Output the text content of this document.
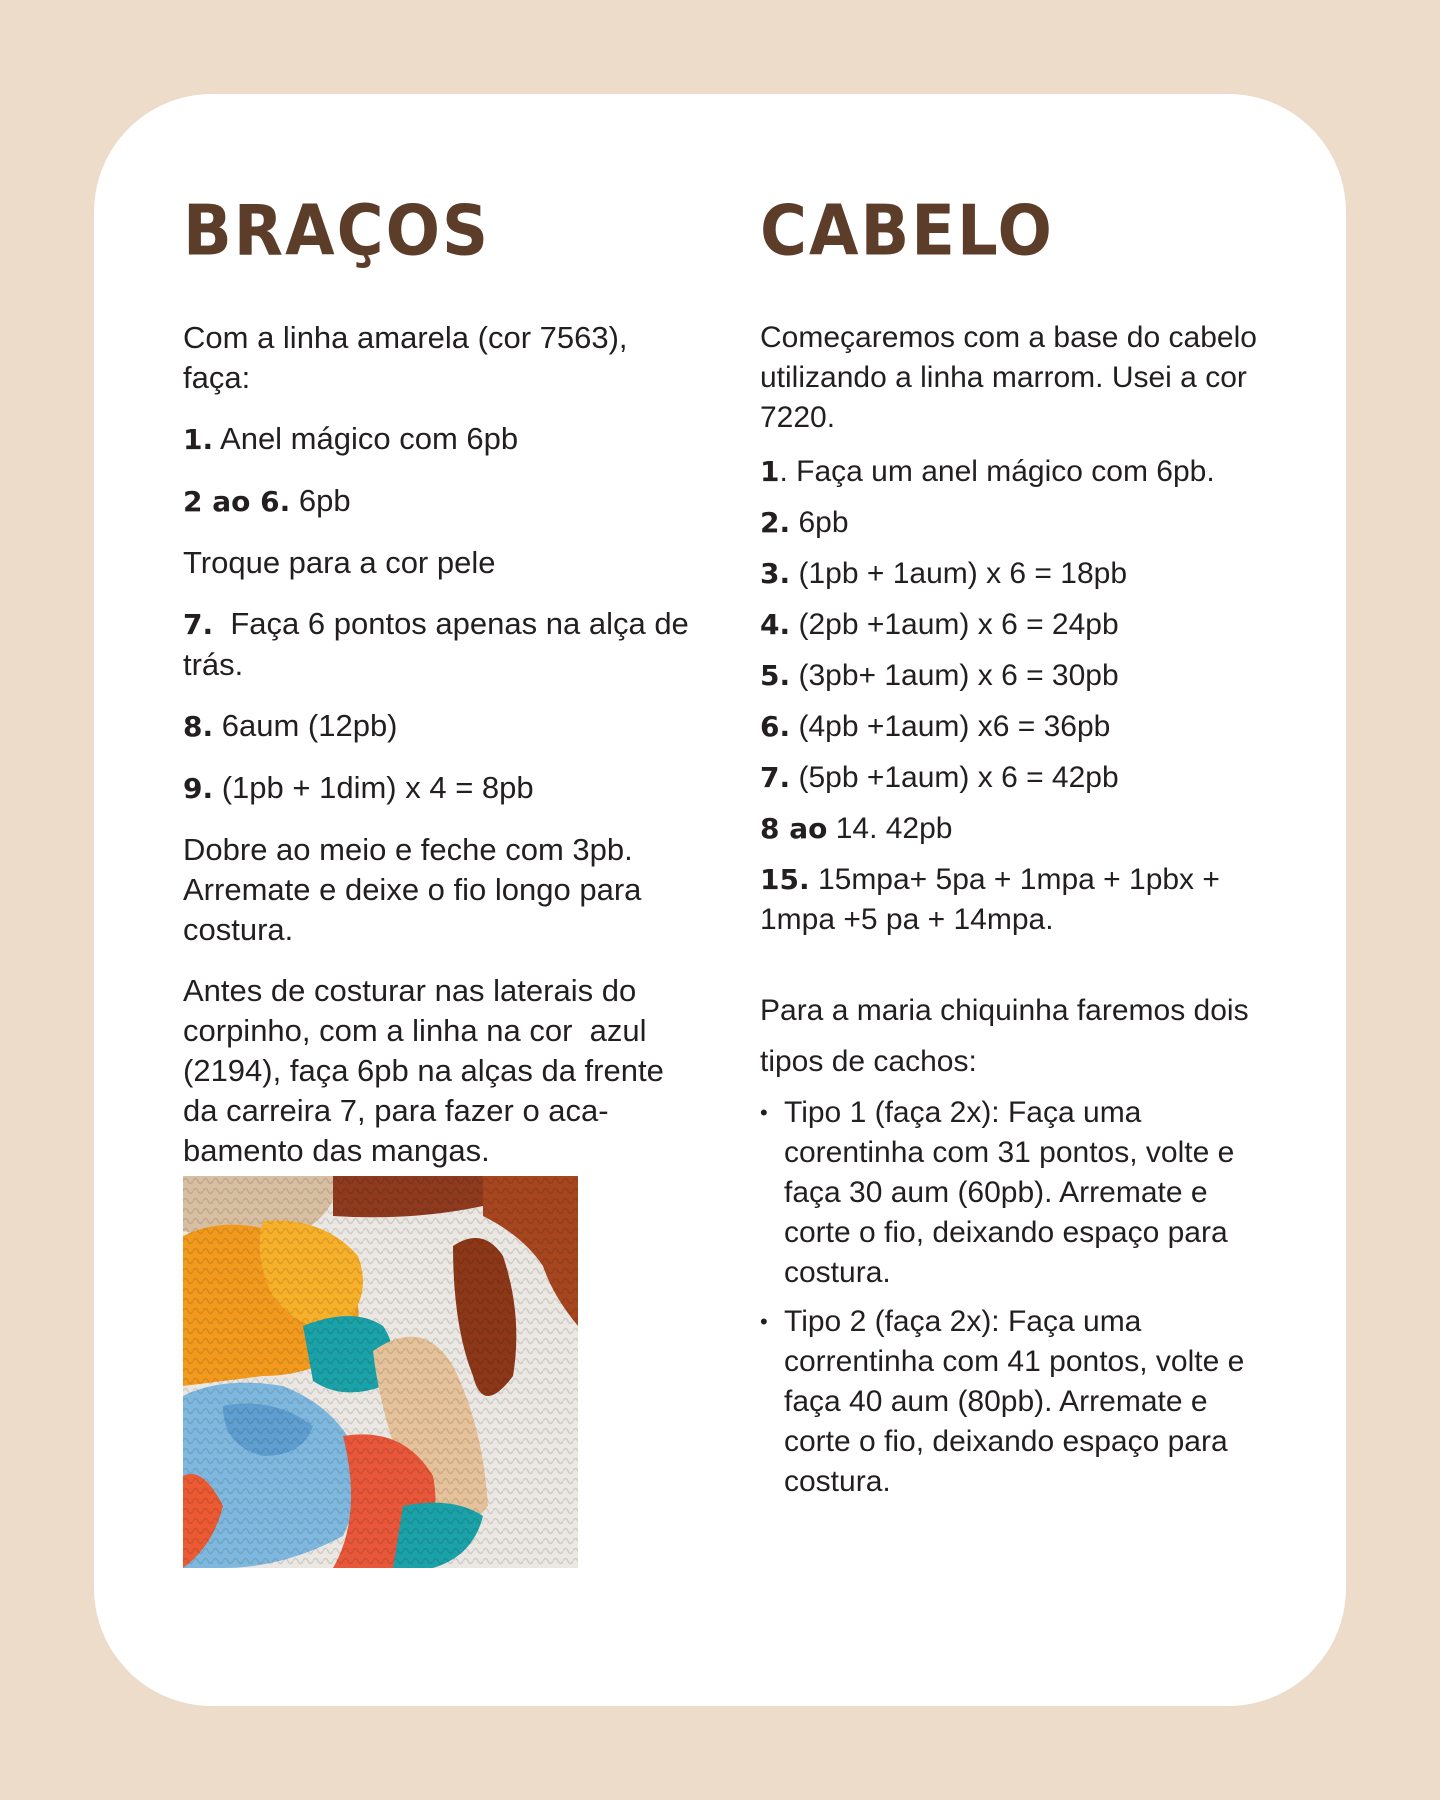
BRAÇOS

Com a linha amarela (cor 7563), faça:

1. Anel mágico com 6pb

2 ao 6. 6pb

Troque para a cor pele

7.  Faça 6 pontos apenas na alça de trás.

8. 6aum (12pb)

9. (1pb + 1dim) x 4 = 8pb

Dobre ao meio e feche com 3pb. Arremate e deixe o fio longo para costura.

Antes de costurar nas laterais do corpinho, com a linha na cor  azul (2194), faça 6pb na alças da frente da carreira 7, para fazer o aca-bamento das mangas.

CABELO

Começaremos com a base do cabelo utilizando a linha marrom. Usei a cor 7220.

1. Faça um anel mágico com 6pb.

2. 6pb

3. (1pb + 1aum) x 6 = 18pb

4. (2pb +1aum) x 6 = 24pb

5. (3pb+ 1aum) x 6 = 30pb

6. (4pb +1aum) x6 = 36pb

7. (5pb +1aum) x 6 = 42pb

8 ao 14. 42pb

15. 15mpa+ 5pa + 1mpa + 1pbx + 1mpa +5 pa + 14mpa.

Para a maria chiquinha faremos dois tipos de cachos:

• Tipo 1 (faça 2x): Faça uma corentinha com 31 pontos, volte e faça 30 aum (60pb). Arremate e corte o fio, deixando espaço para costura.
• Tipo 2 (faça 2x): Faça uma  correntinha com 41 pontos, volte e faça 40 aum (80pb). Arremate e corte o fio, deixando espaço para costura.
